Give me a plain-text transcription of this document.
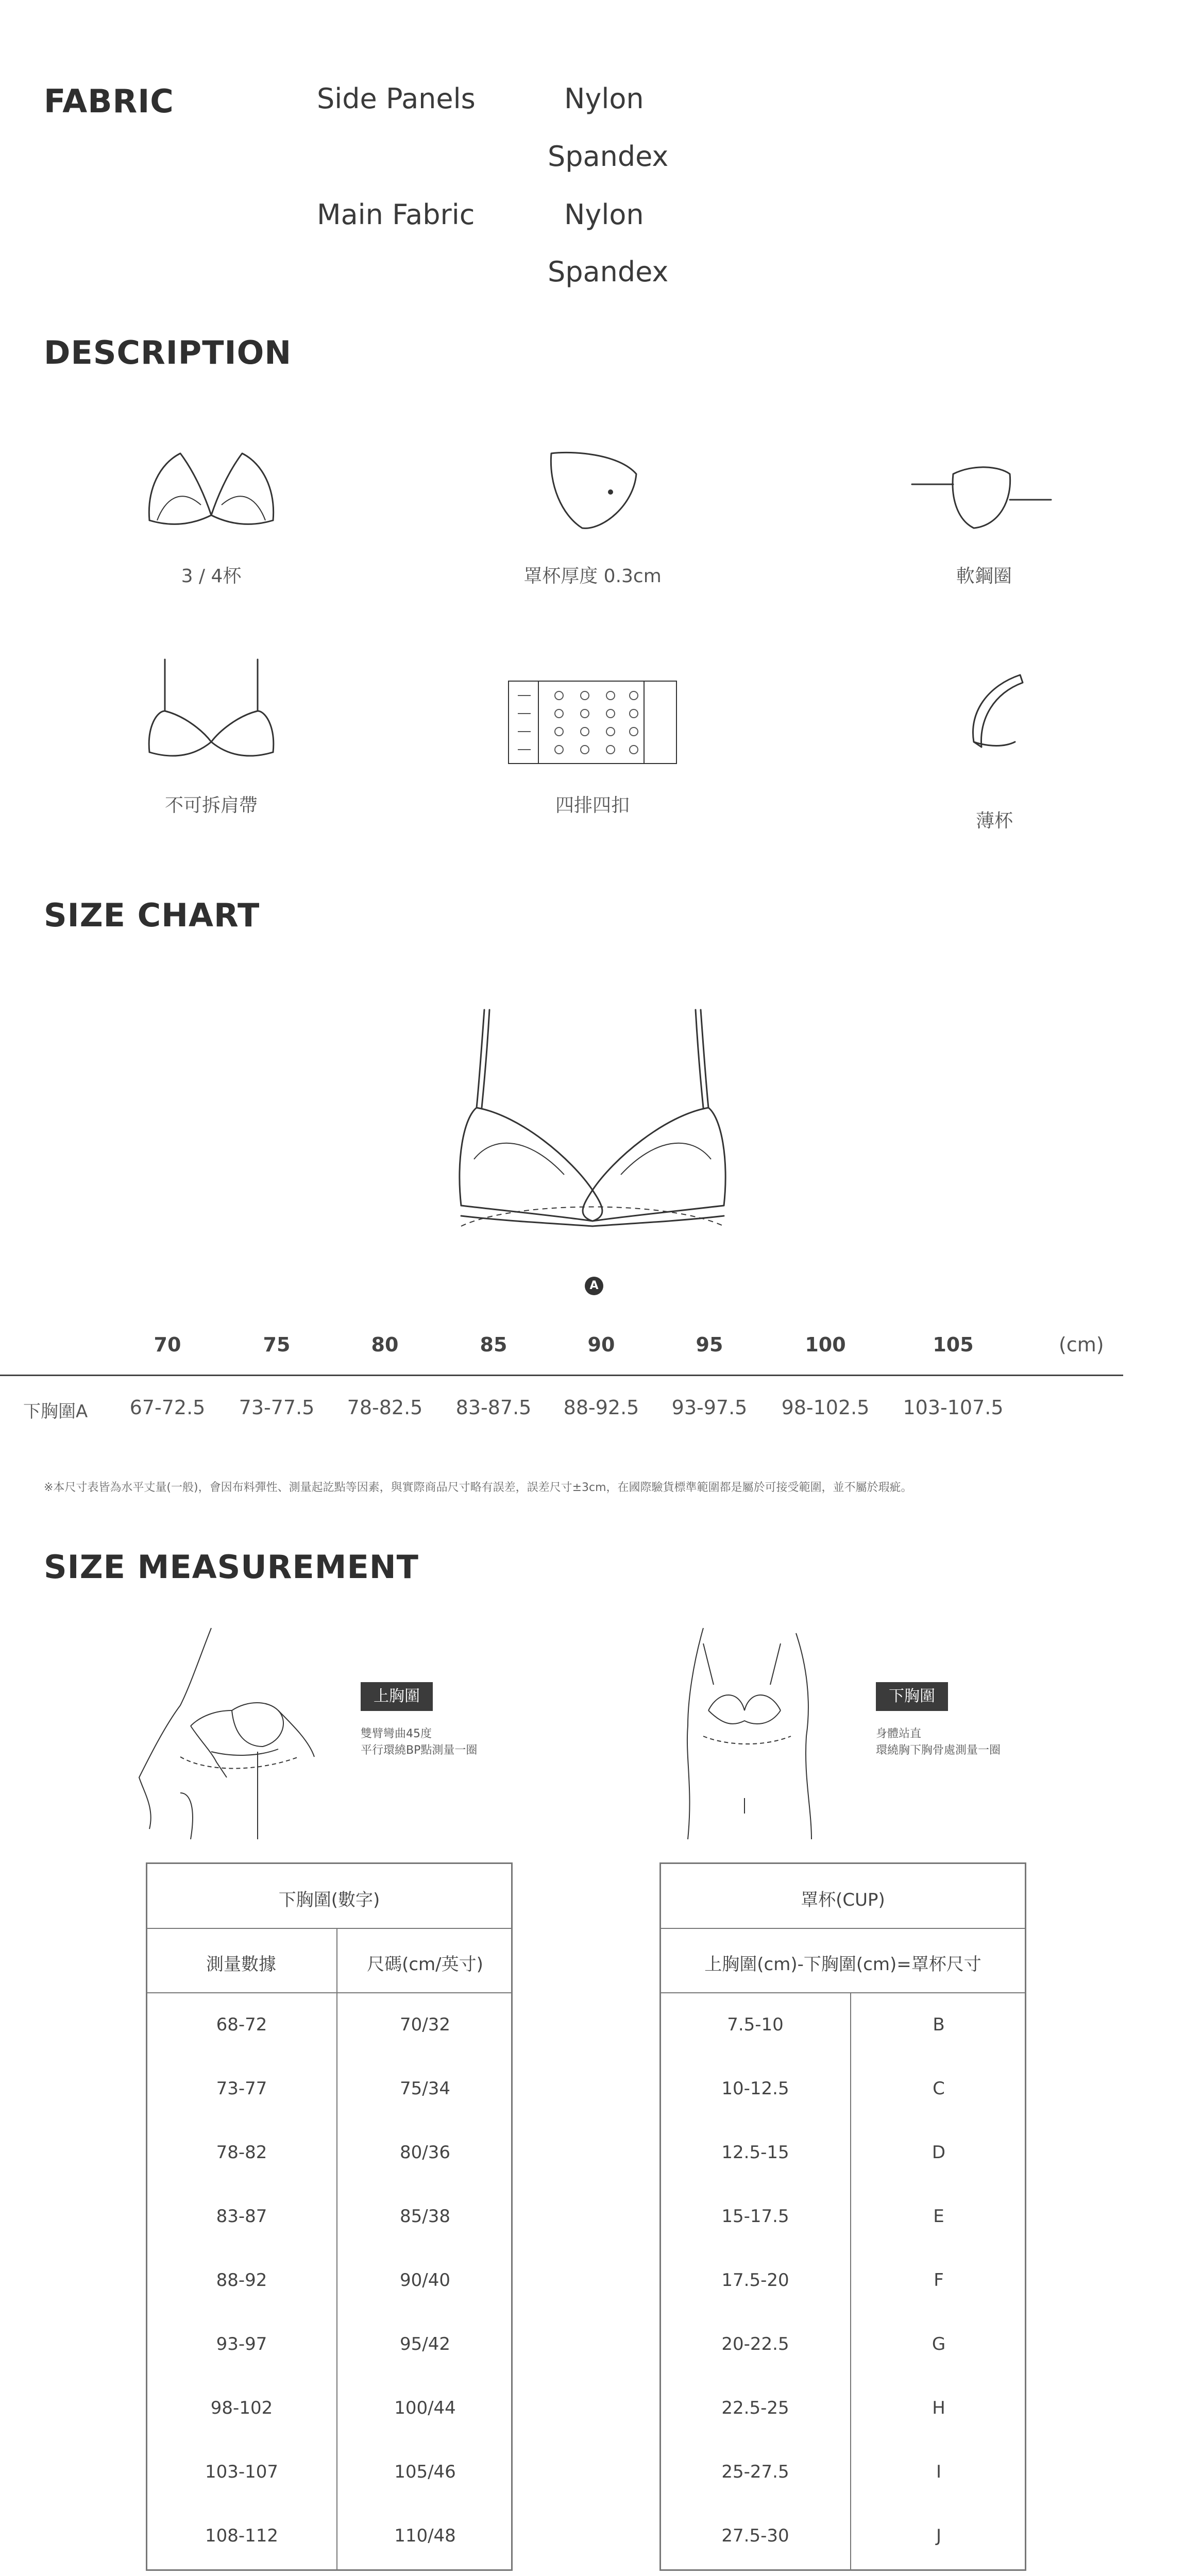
FABRIC	Side Panels	Nylon
Spandex
Main Fabric	Nylon
Spandex
DESCRIPTION
3 / 4杯	罩杯厚度 0.3cm	軟鋼圈
不可拆肩帶	四排四扣
薄杯
SIZE CHART
A
70	75	80	85	90	95	100	105	(cm)
下胸圍A	67-72.5	73-77.5	78-82.5	83-87.5	88-92.5	93-97.5	98-102.5	103-107.5
※本尺寸表皆為水平丈量(一般)，會因布料彈性、測量起訖點等因素，與實際商品尺寸略有誤差，誤差尺寸±3cm，在國際驗貨標準範圍都是屬於可接受範圍，並不屬於瑕疵。
SIZE MEASUREMENT
上胸圍
雙臂彎曲45度
平行環繞BP點測量一圈
下胸圍
身體站直
環繞胸下胸骨處測量一圈
下胸圍(數字)
測量數據	尺碼(cm/英寸)
68-72	70/32
73-77	75/34
78-82	80/36
83-87	85/38
88-92	90/40
93-97	95/42
98-102	100/44
103-107	105/46
108-112	110/48
罩杯(CUP)
上胸圍(cm)-下胸圍(cm)=罩杯尺寸
7.5-10	B
10-12.5	C
12.5-15	D
15-17.5	E
17.5-20	F
20-22.5	G
22.5-25	H
25-27.5	I
27.5-30	J
